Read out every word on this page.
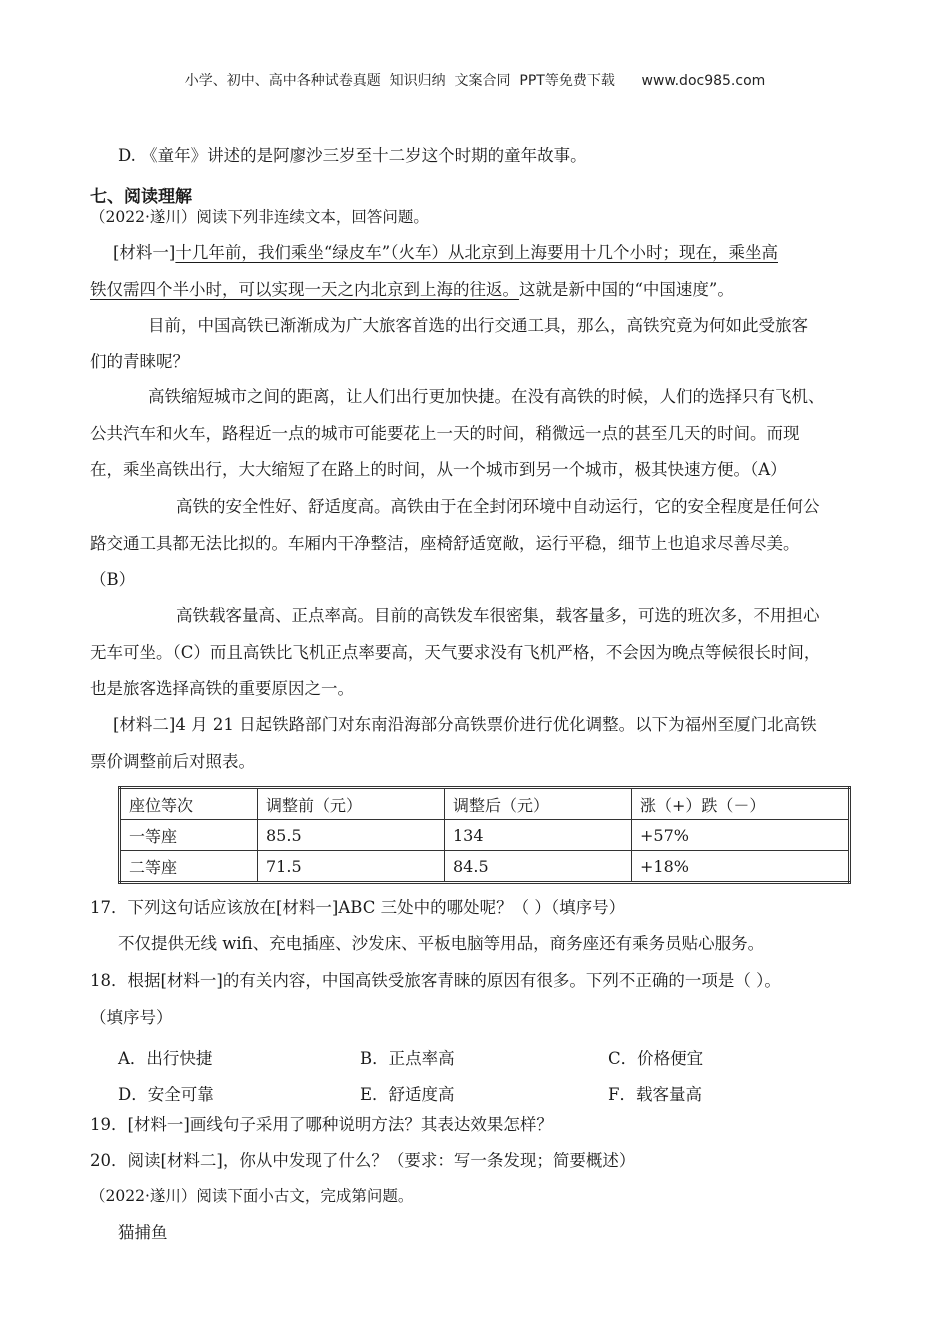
小学、初中、高中各种试卷真题  知识归纳  文案合同  PPT等免费下载      www.doc985.com
D. 《童年》讲述的是阿廖沙三岁至十二岁这个时期的童年故事。
七、阅读理解
（2022·遂川）阅读下列非连续文本，回答问题。
[材料一]十几年前，我们乘坐“绿皮车”（火车）从北京到上海要用十几个小时；现在，乘坐高
铁仅需四个半小时，可以实现一天之内北京到上海的往返。这就是新中国的“中国速度”。
目前，中国高铁已渐渐成为广大旅客首选的出行交通工具，那么，高铁究竟为何如此受旅客
们的青睐呢？
高铁缩短城市之间的距离，让人们出行更加快捷。在没有高铁的时候，人们的选择只有飞机、
公共汽车和火车，路程近一点的城市可能要花上一天的时间，稍微远一点的甚至几天的时间。而现
在，乘坐高铁出行，大大缩短了在路上的时间，从一个城市到另一个城市，极其快速方便。（A）
高铁的安全性好、舒适度高。高铁由于在全封闭环境中自动运行，它的安全程度是任何公
路交通工具都无法比拟的。车厢内干净整洁，座椅舒适宽敞，运行平稳，细节上也追求尽善尽美。
（B）
高铁载客量高、正点率高。目前的高铁发车很密集，载客量多，可选的班次多，不用担心
无车可坐。（C）而且高铁比飞机正点率要高，天气要求没有飞机严格，不会因为晚点等候很长时间，
也是旅客选择高铁的重要原因之一。
[材料二]4 月 21 日起铁路部门对东南沿海部分高铁票价进行优化调整。以下为福州至厦门北高铁
票价调整前后对照表。
座位等次	调整前（元）	调整后（元）	涨（+）跌（－）
一等座	85.5	134	+57%
二等座	71.5	84.5	+18%
17．下列这句话应该放在[材料一]ABC 三处中的哪处呢？（ ）（填序号）
不仅提供无线 wifi、充电插座、沙发床、平板电脑等用品，商务座还有乘务员贴心服务。
18．根据[材料一]的有关内容，中国高铁受旅客青睐的原因有很多。下列不正确的一项是（ ）。
（填序号）
A．出行快捷	B．正点率高	C．价格便宜
D．安全可靠	E．舒适度高	F．载客量高
19．[材料一]画线句子采用了哪种说明方法？其表达效果怎样？
20．阅读[材料二]，你从中发现了什么？（要求：写一条发现；简要概述）
（2022·遂川）阅读下面小古文，完成第问题。
猫捕鱼
